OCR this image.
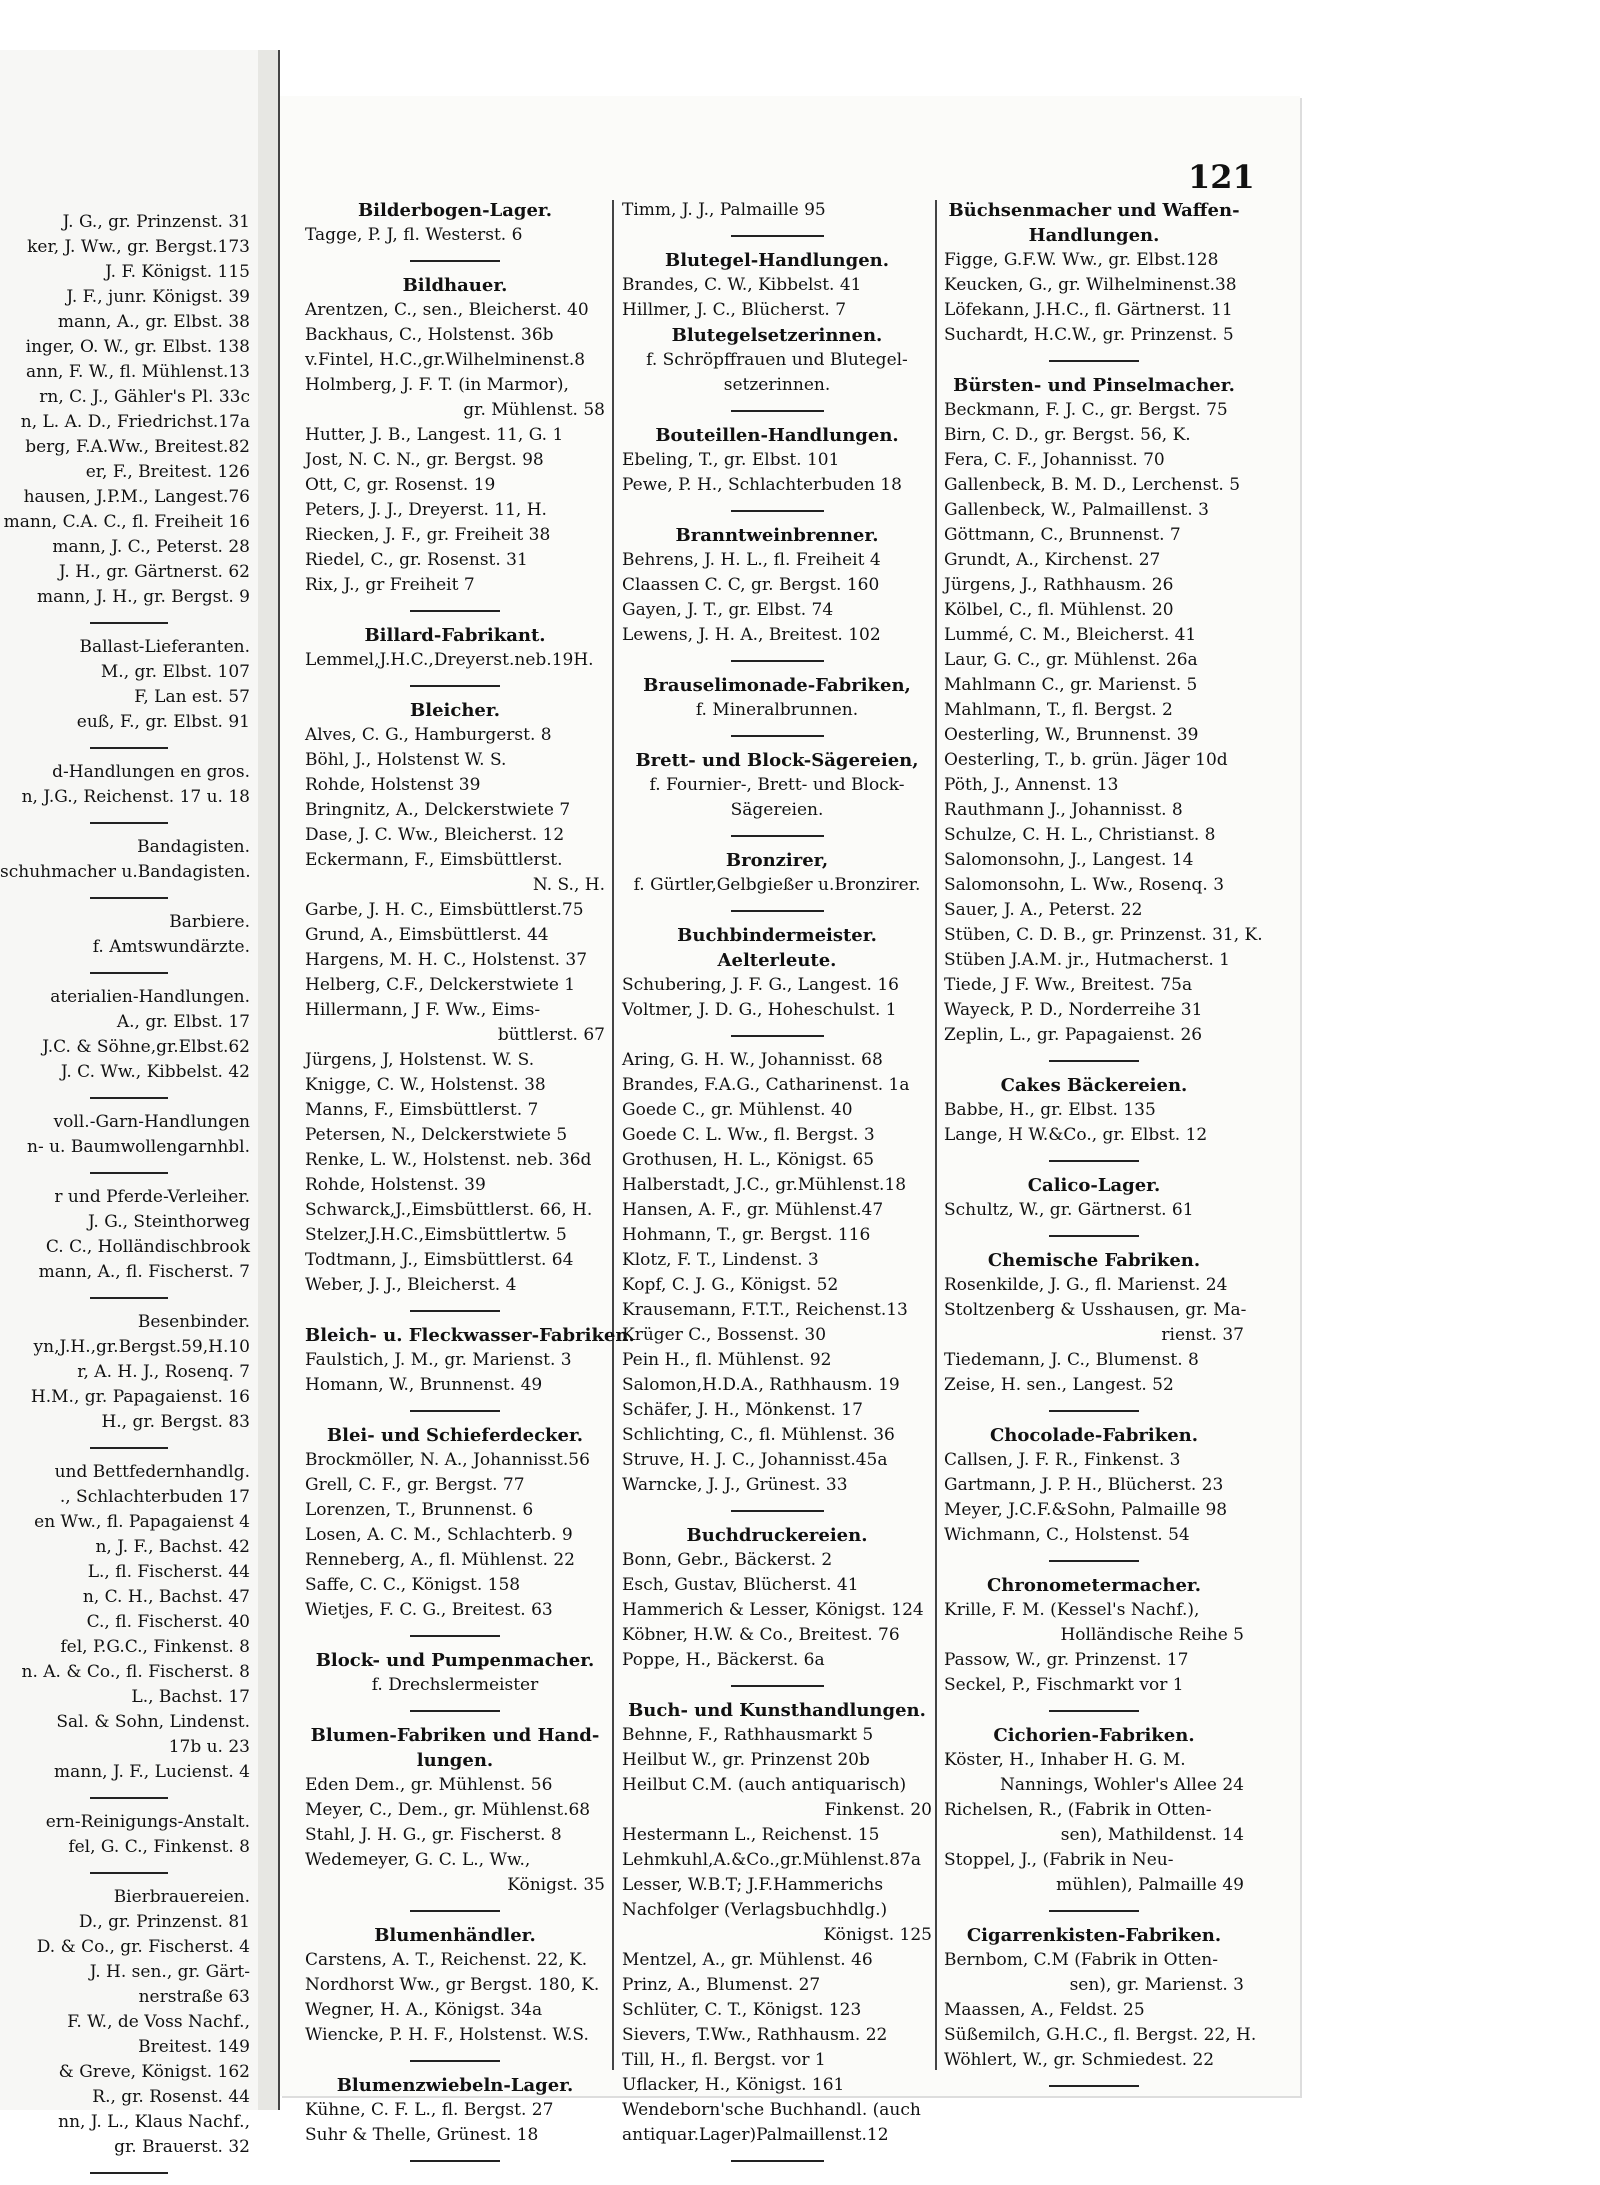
J. G., gr. Prinzenst. 31
ker, J. Ww., gr. Bergst.173
J. F. Königst. 115
J. F., junr. Königst. 39
mann, A., gr. Elbst. 38
inger, O. W., gr. Elbst. 138
ann, F. W., fl. Mühlenst.13
rn, C. J., Gähler's Pl. 33c
n, L. A. D., Friedrichst.17a
berg, F.A.Ww., Breitest.82
er, F., Breitest. 126
hausen, J.P.M., Langest.76
mann, C.A. C., fl. Freiheit 16
mann, J. C., Peterst. 28
J. H., gr. Gärtnerst. 62
mann, J. H., gr. Bergst. 9
Ballast-Lieferanten.
M., gr. Elbst. 107
F, Lan est. 57
euß, F., gr. Elbst. 91
d-Handlungen en gros.
n, J.G., Reichenst. 17 u. 18
Bandagisten.
schuhmacher u.Bandagisten.
Barbiere.
f. Amtswundärzte.
aterialien-Handlungen.
A., gr. Elbst. 17
J.C. & Söhne,gr.Elbst.62
J. C. Ww., Kibbelst. 42
voll.-Garn-Handlungen
n- u. Baumwollengarnhbl.
r und Pferde-Verleiher.
J. G., Steinthorweg
C. C., Holländischbrook
mann, A., fl. Fischerst. 7
Besenbinder.
yn,J.H.,gr.Bergst.59,H.10
r, A. H. J., Rosenq. 7
H.M., gr. Papagaienst. 16
H., gr. Bergst. 83
und Bettfedernhandlg.
., Schlachterbuden 17
en Ww., fl. Papagaienst 4
n, J. F., Bachst. 42
L., fl. Fischerst. 44
n, C. H., Bachst. 47
C., fl. Fischerst. 40
fel, P.G.C., Finkenst. 8
n. A. & Co., fl. Fischerst. 8
L., Bachst. 17
Sal. & Sohn, Lindenst.
17b u. 23
mann, J. F., Lucienst. 4
ern-Reinigungs-Anstalt.
fel, G. C., Finkenst. 8
Bierbrauereien.
D., gr. Prinzenst. 81
D. & Co., gr. Fischerst. 4
J. H. sen., gr. Gärt-
nerstraße 63
F. W., de Voss Nachf.,
Breitest. 149
& Greve, Königst. 162
R., gr. Rosenst. 44
nn, J. L., Klaus Nachf.,
gr. Brauerst. 32
121
Bilderbogen-Lager.
Tagge, P. J, fl. Westerst. 6
Bildhauer.
Arentzen, C., sen., Bleicherst. 40
Backhaus, C., Holstenst. 36b
v.Fintel, H.C.,gr.Wilhelminenst.8
Holmberg, J. F. T. (in Marmor),
gr. Mühlenst. 58
Hutter, J. B., Langest. 11, G. 1
Jost, N. C. N., gr. Bergst. 98
Ott, C, gr. Rosenst. 19
Peters, J. J., Dreyerst. 11, H.
Riecken, J. F., gr. Freiheit 38
Riedel, C., gr. Rosenst. 31
Rix, J., gr Freiheit 7
Billard-Fabrikant.
Lemmel,J.H.C.,Dreyerst.neb.19H.
Bleicher.
Alves, C. G., Hamburgerst. 8
Böhl, J., Holstenst W. S.
Rohde, Holstenst 39
Bringnitz, A., Delckerstwiete 7
Dase, J. C. Ww., Bleicherst. 12
Eckermann, F., Eimsbüttlerst.
N. S., H.
Garbe, J. H. C., Eimsbüttlerst.75
Grund, A., Eimsbüttlerst. 44
Hargens, M. H. C., Holstenst. 37
Helberg, C.F., Delckerstwiete 1
Hillermann, J F. Ww., Eims-
büttlerst. 67
Jürgens, J, Holstenst. W. S.
Knigge, C. W., Holstenst. 38
Manns, F., Eimsbüttlerst. 7
Petersen, N., Delckerstwiete 5
Renke, L. W., Holstenst. neb. 36d
Rohde, Holstenst. 39
Schwarck,J.,Eimsbüttlerst. 66, H.
Stelzer,J.H.C.,Eimsbüttlertw. 5
Todtmann, J., Eimsbüttlerst. 64
Weber, J. J., Bleicherst. 4
Bleich- u. Fleckwasser-Fabriken.
Faulstich, J. M., gr. Marienst. 3
Homann, W., Brunnenst. 49
Blei- und Schieferdecker.
Brockmöller, N. A., Johannisst.56
Grell, C. F., gr. Bergst. 77
Lorenzen, T., Brunnenst. 6
Losen, A. C. M., Schlachterb. 9
Renneberg, A., fl. Mühlenst. 22
Saffe, C. C., Königst. 158
Wietjes, F. C. G., Breitest. 63
Block- und Pumpenmacher.
f. Drechslermeister
Blumen-Fabriken und Hand-
lungen.
Eden Dem., gr. Mühlenst. 56
Meyer, C., Dem., gr. Mühlenst.68
Stahl, J. H. G., gr. Fischerst. 8
Wedemeyer, G. C. L., Ww.,
Königst. 35
Blumenhändler.
Carstens, A. T., Reichenst. 22, K.
Nordhorst Ww., gr Bergst. 180, K.
Wegner, H. A., Königst. 34a
Wiencke, P. H. F., Holstenst. W.S.
Blumenzwiebeln-Lager.
Kühne, C. F. L., fl. Bergst. 27
Suhr & Thelle, Grünest. 18
Timm, J. J., Palmaille 95
Blutegel-Handlungen.
Brandes, C. W., Kibbelst. 41
Hillmer, J. C., Blücherst. 7
Blutegelsetzerinnen.
f. Schröpffrauen und Blutegel-
setzerinnen.
Bouteillen-Handlungen.
Ebeling, T., gr. Elbst. 101
Pewe, P. H., Schlachterbuden 18
Branntweinbrenner.
Behrens, J. H. L., fl. Freiheit 4
Claassen C. C, gr. Bergst. 160
Gayen, J. T., gr. Elbst. 74
Lewens, J. H. A., Breitest. 102
Brauselimonade-Fabriken,
f. Mineralbrunnen.
Brett- und Block-Sägereien,
f. Fournier-, Brett- und Block-
Sägereien.
Bronzirer,
f. Gürtler,Gelbgießer u.Bronzirer.
Buchbindermeister.
Aelterleute.
Schubering, J. F. G., Langest. 16
Voltmer, J. D. G., Hoheschulst. 1
Aring, G. H. W., Johannisst. 68
Brandes, F.A.G., Catharinenst. 1a
Goede C., gr. Mühlenst. 40
Goede C. L. Ww., fl. Bergst. 3
Grothusen, H. L., Königst. 65
Halberstadt, J.C., gr.Mühlenst.18
Hansen, A. F., gr. Mühlenst.47
Hohmann, T., gr. Bergst. 116
Klotz, F. T., Lindenst. 3
Kopf, C. J. G., Königst. 52
Krausemann, F.T.T., Reichenst.13
Krüger C., Bossenst. 30
Pein H., fl. Mühlenst. 92
Salomon,H.D.A., Rathhausm. 19
Schäfer, J. H., Mönkenst. 17
Schlichting, C., fl. Mühlenst. 36
Struve, H. J. C., Johannisst.45a
Warncke, J. J., Grünest. 33
Buchdruckereien.
Bonn, Gebr., Bäckerst. 2
Esch, Gustav, Blücherst. 41
Hammerich & Lesser, Königst. 124
Köbner, H.W. & Co., Breitest. 76
Poppe, H., Bäckerst. 6a
Buch- und Kunsthandlungen.
Behnne, F., Rathhausmarkt 5
Heilbut W., gr. Prinzenst 20b
Heilbut C.M. (auch antiquarisch)
Finkenst. 20
Hestermann L., Reichenst. 15
Lehmkuhl,A.&Co.,gr.Mühlenst.87a
Lesser, W.B.T; J.F.Hammerichs
Nachfolger (Verlagsbuchhdlg.)
Königst. 125
Mentzel, A., gr. Mühlenst. 46
Prinz, A., Blumenst. 27
Schlüter, C. T., Königst. 123
Sievers, T.Ww., Rathhausm. 22
Till, H., fl. Bergst. vor 1
Uflacker, H., Königst. 161
Wendeborn'sche Buchhandl. (auch
antiquar.Lager)Palmaillenst.12
Büchsenmacher und Waffen-
Handlungen.
Figge, G.F.W. Ww., gr. Elbst.128
Keucken, G., gr. Wilhelminenst.38
Löfekann, J.H.C., fl. Gärtnerst. 11
Suchardt, H.C.W., gr. Prinzenst. 5
Bürsten- und Pinselmacher.
Beckmann, F. J. C., gr. Bergst. 75
Birn, C. D., gr. Bergst. 56, K.
Fera, C. F., Johannisst. 70
Gallenbeck, B. M. D., Lerchenst. 5
Gallenbeck, W., Palmaillenst. 3
Göttmann, C., Brunnenst. 7
Grundt, A., Kirchenst. 27
Jürgens, J., Rathhausm. 26
Kölbel, C., fl. Mühlenst. 20
Lummé, C. M., Bleicherst. 41
Laur, G. C., gr. Mühlenst. 26a
Mahlmann C., gr. Marienst. 5
Mahlmann, T., fl. Bergst. 2
Oesterling, W., Brunnenst. 39
Oesterling, T., b. grün. Jäger 10d
Pöth, J., Annenst. 13
Rauthmann J., Johannisst. 8
Schulze, C. H. L., Christianst. 8
Salomonsohn, J., Langest. 14
Salomonsohn, L. Ww., Rosenq. 3
Sauer, J. A., Peterst. 22
Stüben, C. D. B., gr. Prinzenst. 31, K.
Stüben J.A.M. jr., Hutmacherst. 1
Tiede, J F. Ww., Breitest. 75a
Wayeck, P. D., Norderreihe 31
Zeplin, L., gr. Papagaienst. 26
Cakes Bäckereien.
Babbe, H., gr. Elbst. 135
Lange, H W.&Co., gr. Elbst. 12
Calico-Lager.
Schultz, W., gr. Gärtnerst. 61
Chemische Fabriken.
Rosenkilde, J. G., fl. Marienst. 24
Stoltzenberg & Usshausen, gr. Ma-
rienst. 37
Tiedemann, J. C., Blumenst. 8
Zeise, H. sen., Langest. 52
Chocolade-Fabriken.
Callsen, J. F. R., Finkenst. 3
Gartmann, J. P. H., Blücherst. 23
Meyer, J.C.F.&Sohn, Palmaille 98
Wichmann, C., Holstenst. 54
Chronometermacher.
Krille, F. M. (Kessel's Nachf.),
Holländische Reihe 5
Passow, W., gr. Prinzenst. 17
Seckel, P., Fischmarkt vor 1
Cichorien-Fabriken.
Köster, H., Inhaber H. G. M.
Nannings, Wohler's Allee 24
Richelsen, R., (Fabrik in Otten-
sen), Mathildenst. 14
Stoppel, J., (Fabrik in Neu-
mühlen), Palmaille 49
Cigarrenkisten-Fabriken.
Bernbom, C.M (Fabrik in Otten-
sen), gr. Marienst. 3
Maassen, A., Feldst. 25
Süßemilch, G.H.C., fl. Bergst. 22, H.
Wöhlert, W., gr. Schmiedest. 22
